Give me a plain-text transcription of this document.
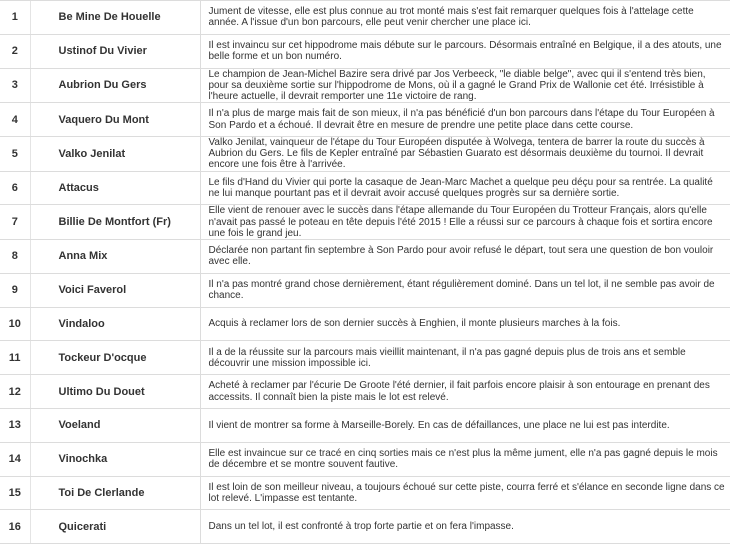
1	Be Mine De Houelle	Jument de vitesse, elle est plus connue au trot monté mais s'est fait remarquer quelques fois à l'attelage cette année. A l'issue d'un bon parcours, elle peut venir chercher une place ici.
2	Ustinof Du Vivier	Il est invaincu sur cet hippodrome mais débute sur le parcours. Désormais entraîné en Belgique, il a des atouts, une belle forme et un bon numéro.
3	Aubrion Du Gers	Le champion de Jean-Michel Bazire sera drivé par Jos Verbeeck, "le diable belge", avec qui il s'entend très bien, pour sa deuxième sortie sur l'hippodrome de Mons, où il a gagné le Grand Prix de Wallonie cet été. Irrésistible à l'heure actuelle, il devrait remporter une 11e victoire de rang.
4	Vaquero Du Mont	Il n'a plus de marge mais fait de son mieux, il n'a pas bénéficié d'un bon parcours dans l'étape du Tour Européen à Son Pardo et a échoué. Il devrait être en mesure de prendre une petite place dans cette course.
5	Valko Jenilat	Valko Jenilat, vainqueur de l'étape du Tour Européen disputée à Wolvega, tentera de barrer la route du succès à Aubrion du Gers. Le fils de Kepler entraîné par Sébastien Guarato est désormais deuxième du tournoi. Il devrait encore une fois être à l'arrivée.
6	Attacus	Le fils d'Hand du Vivier qui porte la casaque de Jean-Marc Machet a quelque peu déçu pour sa rentrée. La qualité ne lui manque pourtant pas et il devrait avoir accusé quelques progrès sur sa dernière sortie.
7	Billie De Montfort (Fr)	Elle vient de renouer avec le succès dans l'étape allemande du Tour Européen du Trotteur Français, alors qu'elle n'avait pas passé le poteau en tête depuis l'été 2015 ! Elle a réussi sur ce parcours à chaque fois et sortira encore une fois le grand jeu.
8	Anna Mix	Déclarée non partant fin septembre à Son Pardo pour avoir refusé le départ, tout sera une question de bon vouloir avec elle.
9	Voici Faverol	Il n'a pas montré grand chose dernièrement, étant régulièrement dominé. Dans un tel lot, il ne semble pas avoir de chance.
10	Vindaloo	Acquis à reclamer lors de son dernier succès à Enghien, il monte plusieurs marches à la fois.
11	Tockeur D'ocque	Il a de la réussite sur la parcours mais vieillit maintenant, il n'a pas gagné depuis plus de trois ans et semble découvrir une mission impossible ici.
12	Ultimo Du Douet	Acheté à reclamer par l'écurie De Groote l'été dernier, il fait parfois encore plaisir à son entourage en prenant des accessits. Il connaît bien la piste mais le lot est relevé.
13	Voeland	Il vient de montrer sa forme à Marseille-Borely. En cas de défaillances, une place ne lui est pas interdite.
14	Vinochka	Elle est invaincue sur ce tracé en cinq sorties mais ce n'est plus la même jument, elle n'a pas gagné depuis le mois de décembre et se montre souvent fautive.
15	Toi De Clerlande	Il est loin de son meilleur niveau, a toujours échoué sur cette piste, courra ferré et s'élance en seconde ligne dans ce lot relevé. L'impasse est tentante.
16	Quicerati	Dans un tel lot, il est confronté à trop forte partie et on fera l'impasse.
